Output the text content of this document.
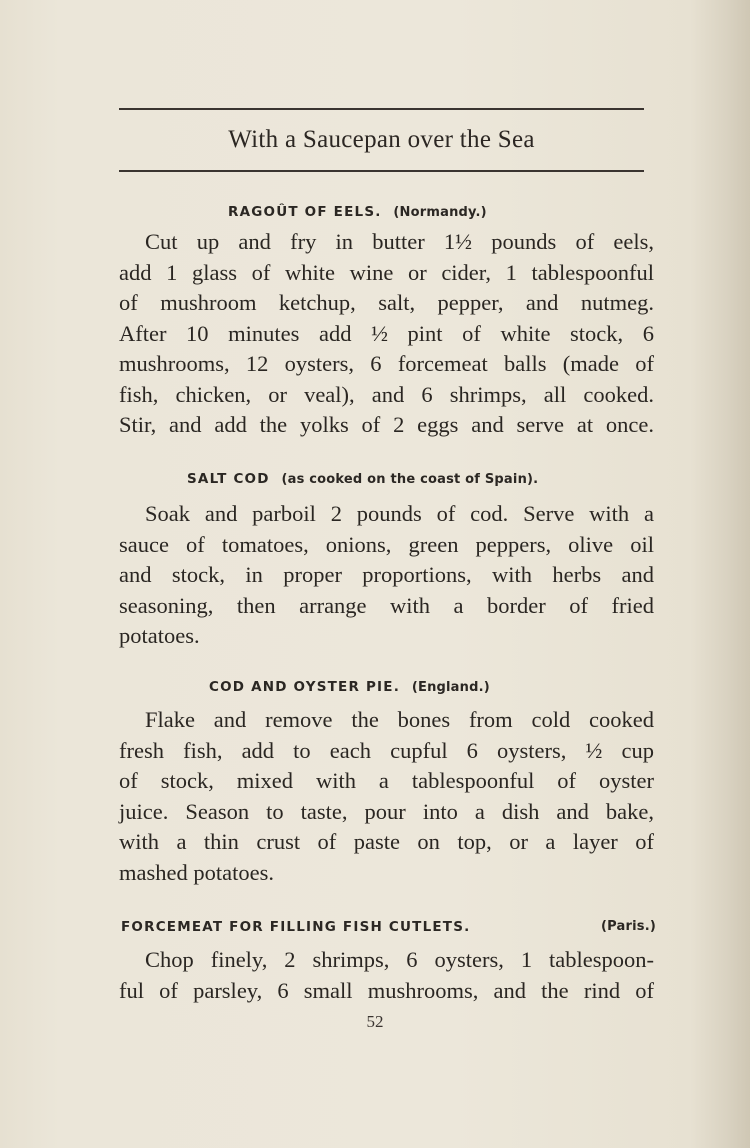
With a Saucepan over the Sea
RAGOÛT OF EELS. (Normandy.)
Cut up and fry in butter 1½ pounds of eels,
add 1 glass of white wine or cider, 1 tablespoonful
of mushroom ketchup, salt, pepper, and nutmeg.
After 10 minutes add ½ pint of white stock, 6
mushrooms, 12 oysters, 6 forcemeat balls (made of
fish, chicken, or veal), and 6 shrimps, all cooked.
Stir, and add the yolks of 2 eggs and serve at once.
SALT COD (as cooked on the coast of Spain).
Soak and parboil 2 pounds of cod. Serve with a
sauce of tomatoes, onions, green peppers, olive oil
and stock, in proper proportions, with herbs and
seasoning, then arrange with a border of fried
potatoes.
COD AND OYSTER PIE. (England.)
Flake and remove the bones from cold cooked
fresh fish, add to each cupful 6 oysters, ½ cup
of stock, mixed with a tablespoonful of oyster
juice. Season to taste, pour into a dish and bake,
with a thin crust of paste on top, or a layer of
mashed potatoes.
FORCEMEAT FOR FILLING FISH CUTLETS.	(Paris.)
Chop finely, 2 shrimps, 6 oysters, 1 tablespoon-
ful of parsley, 6 small mushrooms, and the rind of
52
